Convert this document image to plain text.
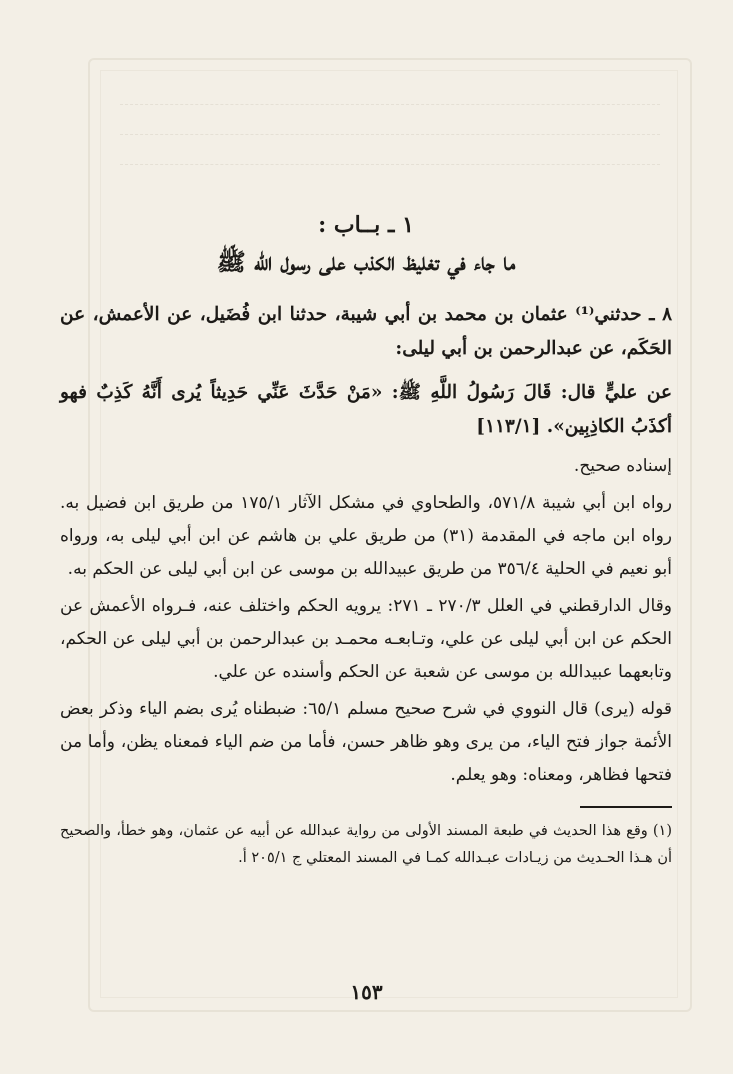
١ ـ بــاب :
ما جاء في تغليظ الكذب على رسول الله ﷺ

٨ ـ حدثني⁽¹⁾ عثمان بن محمد بن أبي شيبة، حدثنا ابن فُضَيل، عن الأعمش، عن الحَكَم، عن عبدالرحمن بن أبي ليلى:

عن عليٍّ قال: قَالَ رَسُولُ اللَّهِ ﷺ: «مَنْ حَدَّثَ عَنِّي حَدِيثاً يُرى أَنَّهُ كَذِبٌ فهو أكذَبُ الكاذِبِين». [١١٣/١]

إسناده صحيح.

رواه ابن أبي شيبة ٥٧١/٨، والطحاوي في مشكل الآثار ١٧٥/١ من طريق ابن فضيل به. رواه ابن ماجه في المقدمة (٣١) من طريق علي بن هاشم عن ابن أبي ليلى به، ورواه أبو نعيم في الحلية ٣٥٦/٤ من طريق عبيدالله بن موسى عن ابن أبي ليلى عن الحكم به.

وقال الدارقطني في العلل ٢٧٠/٣ ـ ٢٧١: يرويه الحكم واختلف عنه، فـرواه الأعمش عن الحكم عن ابن أبي ليلى عن علي، وتـابعـه محمـد بن عبدالرحمن بن أبي ليلى عن الحكم، وتابعهما عبيدالله بن موسى عن شعبة عن الحكم وأسنده عن علي.

قوله (يرى) قال النووي في شرح صحيح مسلم ٦٥/١: ضبطناه يُرى بضم الياء وذكر بعض الأئمة جواز فتح الياء، من يرى وهو ظاهر حسن، فأما من ضم الياء فمعناه يظن، وأما من فتحها فظاهر، ومعناه: وهو يعلم.

(١) وقع هذا الحديث في طبعة المسند الأولى من رواية عبدالله عن أبيه عن عثمان، وهو خطأ، والصحيح أن هـذا الحـديث من زيـادات عبـدالله كمـا في المسند المعتلي ج ٢٠٥/١ أ.

١٥٣
